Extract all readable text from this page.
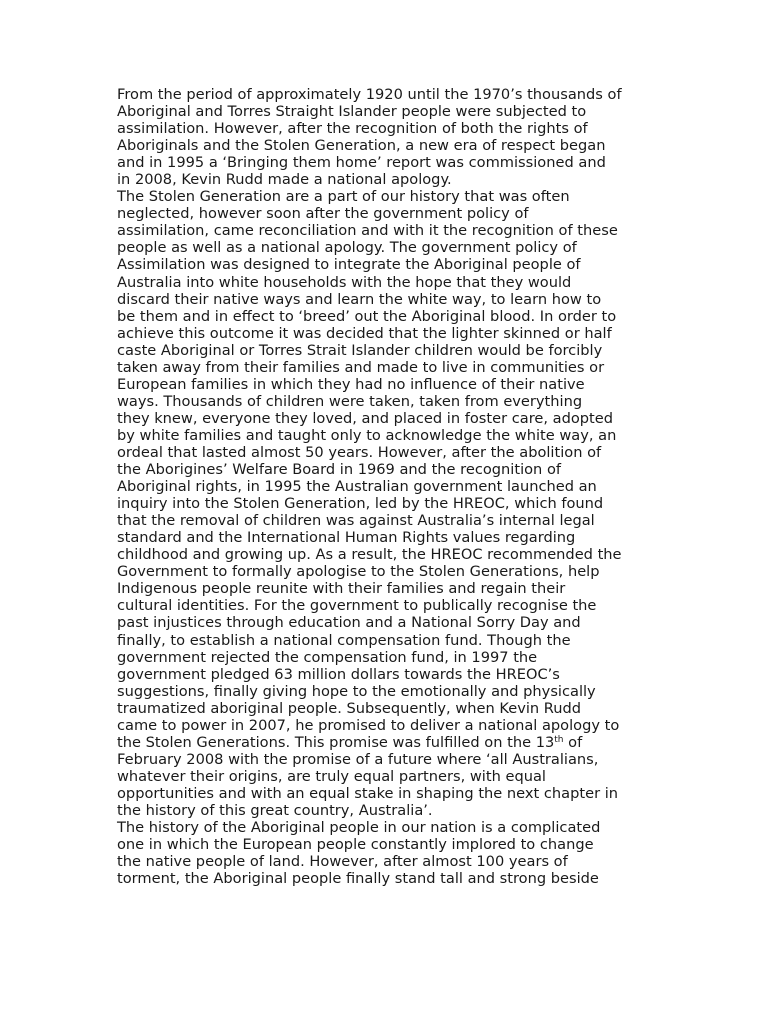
From the period of approximately 1920 until the 1970’s thousands of
Aboriginal and Torres Straight Islander people were subjected to
assimilation. However, after the recognition of both the rights of
Aboriginals and the Stolen Generation, a new era of respect began
and in 1995 a ‘Bringing them home’ report was commissioned and
in 2008, Kevin Rudd made a national apology.

The Stolen Generation are a part of our history that was often
neglected, however soon after the government policy of
assimilation, came reconciliation and with it the recognition of these
people as well as a national apology. The government policy of
Assimilation was designed to integrate the Aboriginal people of
Australia into white households with the hope that they would
discard their native ways and learn the white way, to learn how to
be them and in effect to ‘breed’ out the Aboriginal blood. In order to
achieve this outcome it was decided that the lighter skinned or half
caste Aboriginal or Torres Strait Islander children would be forcibly
taken away from their families and made to live in communities or
European families in which they had no influence of their native
ways. Thousands of children were taken, taken from everything
they knew, everyone they loved, and placed in foster care, adopted
by white families and taught only to acknowledge the white way, an
ordeal that lasted almost 50 years. However, after the abolition of
the Aborigines’ Welfare Board in 1969 and the recognition of
Aboriginal rights, in 1995 the Australian government launched an
inquiry into the Stolen Generation, led by the HREOC, which found
that the removal of children was against Australia’s internal legal
standard and the International Human Rights values regarding
childhood and growing up. As a result, the HREOC recommended the
Government to formally apologise to the Stolen Generations, help
Indigenous people reunite with their families and regain their
cultural identities. For the government to publically recognise the
past injustices through education and a National Sorry Day and
finally, to establish a national compensation fund. Though the
government rejected the compensation fund, in 1997 the
government pledged 63 million dollars towards the HREOC’s
suggestions, finally giving hope to the emotionally and physically
traumatized aboriginal people. Subsequently, when Kevin Rudd
came to power in 2007, he promised to deliver a national apology to
the Stolen Generations. This promise was fulfilled on the 13th of
February 2008 with the promise of a future where ‘all Australians,
whatever their origins, are truly equal partners, with equal
opportunities and with an equal stake in shaping the next chapter in
the history of this great country, Australia’.

The history of the Aboriginal people in our nation is a complicated
one in which the European people constantly implored to change
the native people of land. However, after almost 100 years of
torment, the Aboriginal people finally stand tall and strong beside
